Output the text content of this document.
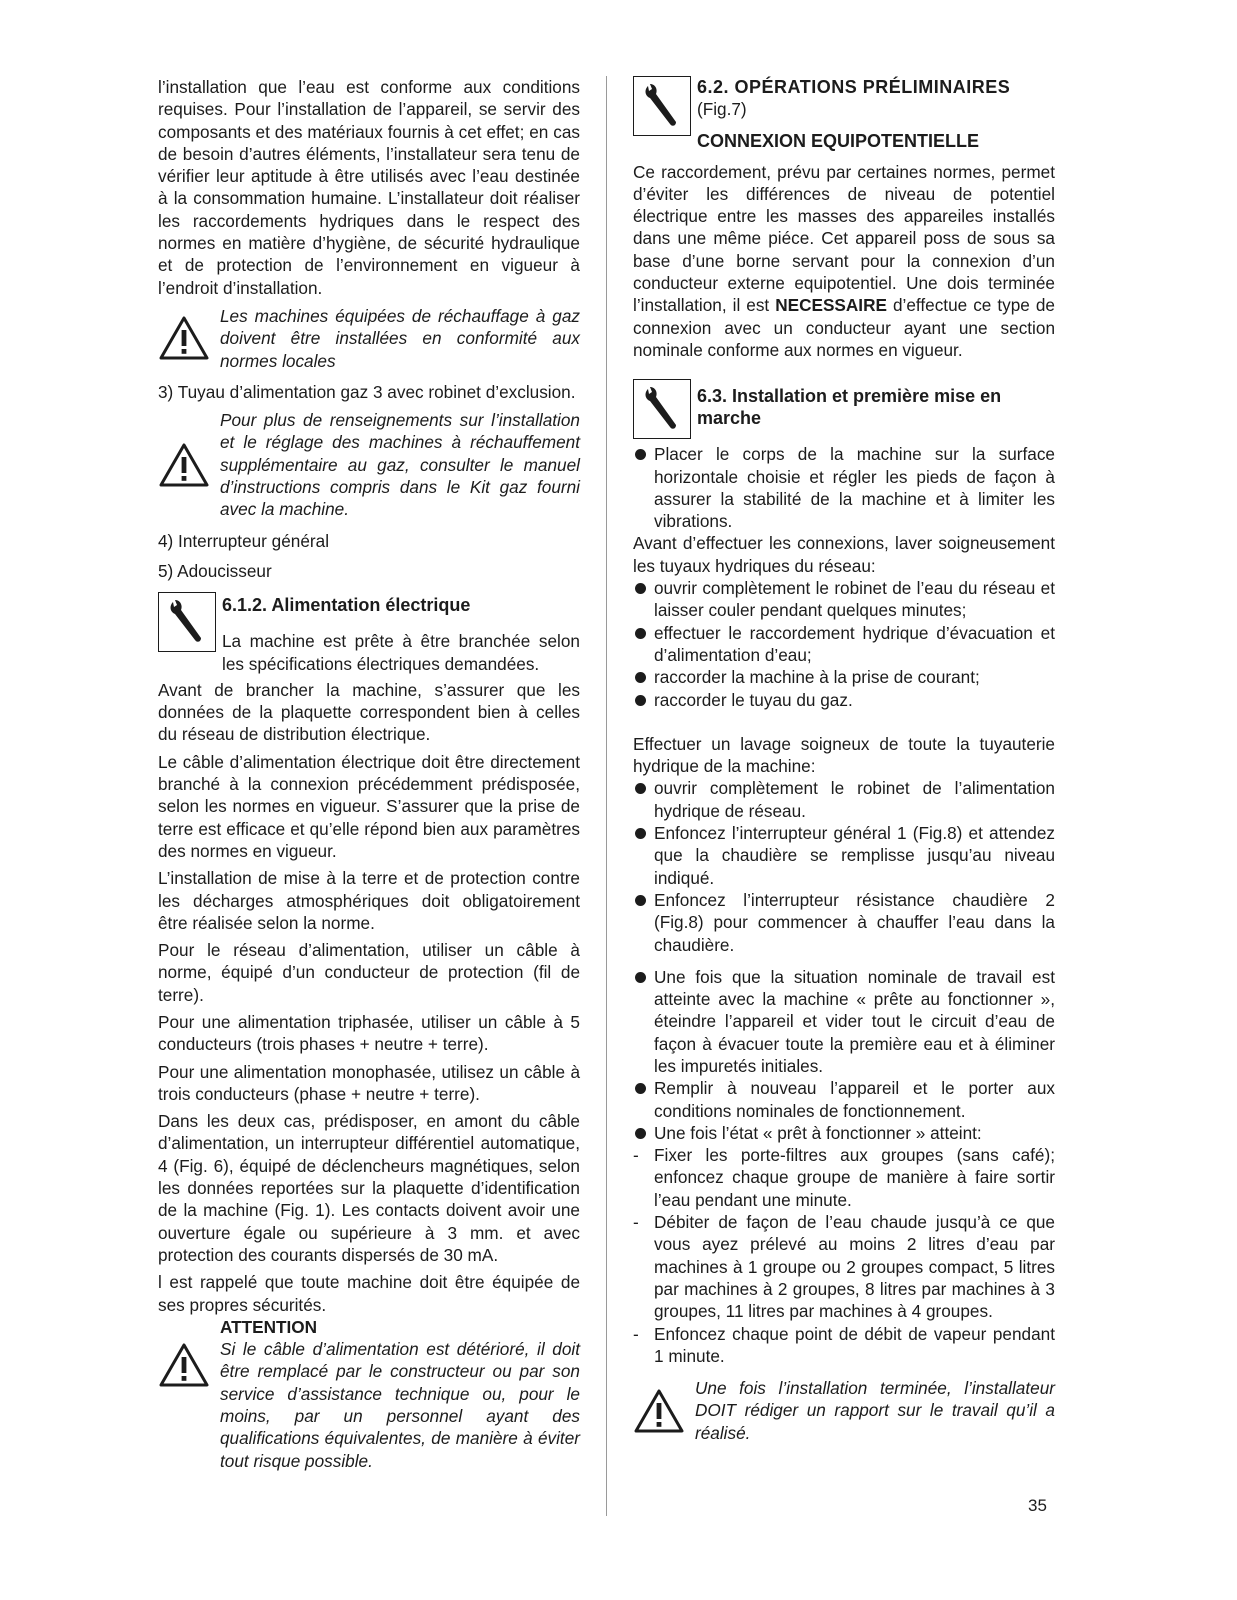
l’installation que l’eau est conforme aux conditions requises. Pour l’installation de l’appareil, se servir des composants et des matériaux fournis à cet effet; en cas de besoin d’autres éléments, l’installateur sera tenu de vérifier leur aptitude à être utilisés avec l’eau destinée à la consommation humaine. L’installateur doit réaliser les raccordements hydriques dans le respect des normes en matière d’hygiène, de sécurité hydraulique et de protection de l’environnement en vigueur à l’endroit d’installation.

Les machines équipées de réchauffage à gaz doivent être installées en conformité aux normes locales

3) Tuyau d’alimentation gaz 3 avec robinet d’exclusion.

Pour plus de renseignements sur l’installation et le réglage des machines à réchauffement supplémentaire au gaz, consulter le manuel d’instructions compris dans le Kit gaz fourni avec la machine.

4) Interrupteur général

5) Adoucisseur

6.1.2. Alimentation électrique

La machine est prête à être branchée selon les spécifications électriques demandées.

Avant de brancher la machine, s’assurer que les données de la plaquette correspondent bien à celles du réseau de distribution électrique.

Le câble d’alimentation électrique doit être directement branché à la connexion précédemment prédisposée, selon les normes en vigueur. S’assurer que la prise de terre est efficace et qu’elle répond bien aux paramètres des normes en vigueur.

L’installation de mise à la terre et de protection contre les décharges atmosphériques doit obligatoirement être réalisée selon la norme.

Pour le réseau d’alimentation, utiliser un câble à norme, équipé d’un conducteur de protection (fil de terre).

Pour une alimentation triphasée, utiliser un câble à 5 conducteurs (trois phases + neutre + terre).

Pour une alimentation monophasée, utilisez un câble à trois conducteurs (phase + neutre + terre).

Dans les deux cas, prédisposer, en amont du câble d’alimentation, un interrupteur différentiel automatique, 4 (Fig. 6), équipé de déclencheurs magnétiques, selon les données reportées sur la plaquette d’identification de la machine (Fig. 1). Les contacts doivent avoir une ouverture égale ou supérieure à 3 mm. et avec protection des courants dispersés de 30 mA.

l est rappelé que toute machine doit être équipée de ses propres sécurités.

ATTENTION
Si le câble d’alimentation est détérioré, il doit être remplacé par le constructeur ou par son service d’assistance technique ou, pour le moins, par un personnel ayant des qualifications équivalentes, de manière à éviter tout risque possible.
6.2. OPÉRATIONS PRÉLIMINAIRES
(Fig.7)
CONNEXION EQUIPOTENTIELLE

Ce raccordement, prévu par certaines normes, permet d’éviter les différences de niveau de potentiel électrique entre les masses des appareiles installés dans une même piéce. Cet appareil poss de sous sa base d’une borne servant pour la connexion d’un conducteur externe equipotentiel. Une dois terminée l’installation, il est NECESSAIRE d’effectue ce type de connexion avec un conducteur ayant une section nominale conforme aux normes en vigueur.

6.3. Installation et première mise en marche
Placer le corps de la machine sur la surface horizontale choisie et régler les pieds de façon à assurer la stabilité de la machine et à limiter les vibrations.

Avant d’effectuer les connexions, laver soigneusement les tuyaux hydriques du réseau:

ouvrir complètement le robinet de l’eau du réseau et laisser couler pendant quelques minutes;
effectuer le raccordement hydrique d’évacuation et d’alimentation d’eau;
raccorder la machine à la prise de courant;
raccorder le tuyau du gaz.

Effectuer un lavage soigneux de toute la tuyauterie hydrique de la machine:

ouvrir complètement le robinet de l’alimentation hydrique de réseau.
Enfoncez l’interrupteur général 1 (Fig.8) et attendez que la chaudière se remplisse jusqu’au niveau indiqué.
Enfoncez l’interrupteur résistance chaudière 2 (Fig.8) pour commencer à chauffer l’eau dans la chaudière.
Une fois que la situation nominale de travail est atteinte avec la machine « prête au fonctionner », éteindre l’appareil et vider tout le circuit d’eau de façon à évacuer toute la première eau et à éliminer les impuretés initiales.
Remplir à nouveau l’appareil et le porter aux conditions nominales de fonctionnement.
Une fois l’état « prêt à fonctionner » atteint:
- Fixer les porte-filtres aux groupes (sans café); enfoncez chaque groupe de manière à faire sortir l’eau pendant une minute.
- Débiter de façon de l’eau chaude jusqu’à ce que vous ayez prélevé au moins 2 litres d’eau par machines à 1 groupe ou 2 groupes compact, 5 litres par machines à 2 groupes, 8 litres par machines à 3 groupes, 11 litres par machines à 4 groupes.
- Enfoncez chaque point de débit de vapeur pendant 1 minute.
Une fois l’installation terminée, l’installateur DOIT rédiger un rapport sur le travail qu’il a réalisé.
35
